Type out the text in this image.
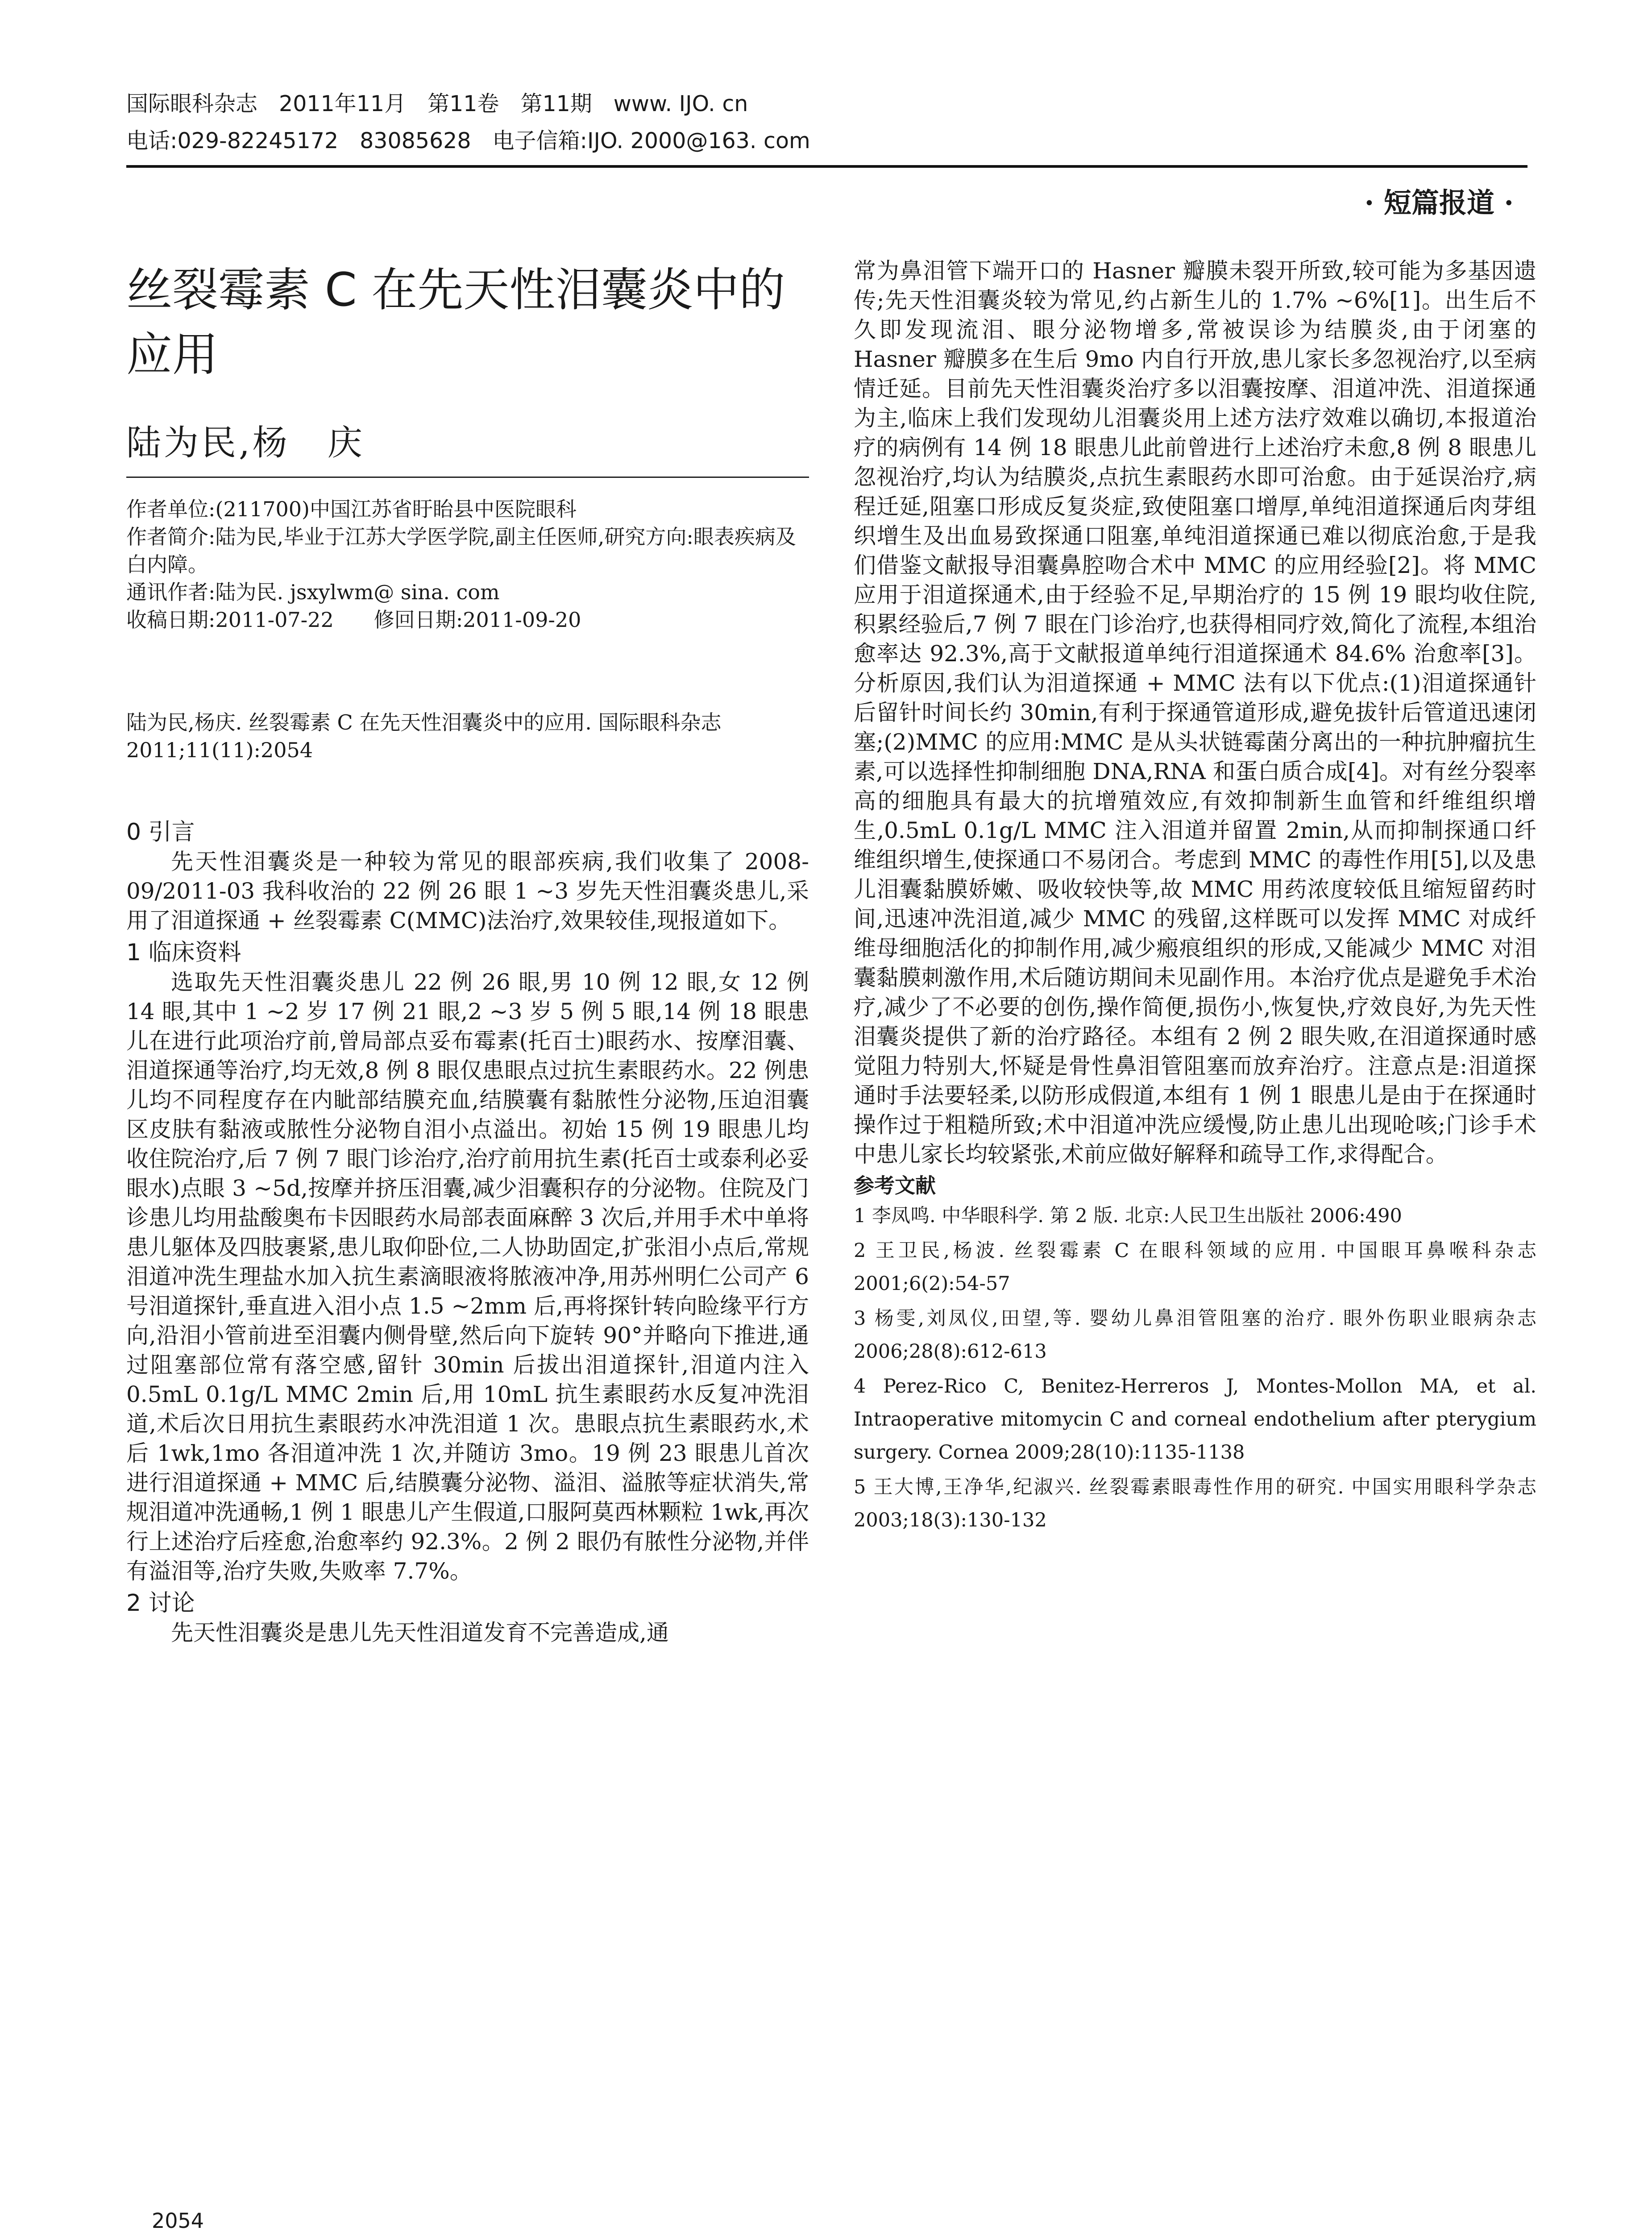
国际眼科杂志 2011年11月 第11卷 第11期 www. IJO. cn
电话:029-82245172 83085628 电子信箱:IJO. 2000@163. com
· 短篇报道 ·
丝裂霉素 C 在先天性泪囊炎中的应用
陆为民,杨　庆
作者单位:(211700)中国江苏省盱眙县中医院眼科
作者简介:陆为民,毕业于江苏大学医学院,副主任医师,研究方向:眼表疾病及白内障。
通讯作者:陆为民. jsxylwm@ sina. com
收稿日期:2011-07-22 修回日期:2011-09-20
陆为民,杨庆. 丝裂霉素 C 在先天性泪囊炎中的应用. 国际眼科杂志 2011;11(11):2054
0 引言

先天性泪囊炎是一种较为常见的眼部疾病,我们收集了 2008-09/2011-03 我科收治的 22 例 26 眼 1 ~3 岁先天性泪囊炎患儿,采用了泪道探通 + 丝裂霉素 C(MMC)法治疗,效果较佳,现报道如下。

1 临床资料

选取先天性泪囊炎患儿 22 例 26 眼,男 10 例 12 眼,女 12 例 14 眼,其中 1 ~2 岁 17 例 21 眼,2 ~3 岁 5 例 5 眼,14 例 18 眼患儿在进行此项治疗前,曾局部点妥布霉素(托百士)眼药水、按摩泪囊、泪道探通等治疗,均无效,8 例 8 眼仅患眼点过抗生素眼药水。22 例患儿均不同程度存在内眦部结膜充血,结膜囊有黏脓性分泌物,压迫泪囊区皮肤有黏液或脓性分泌物自泪小点溢出。初始 15 例 19 眼患儿均收住院治疗,后 7 例 7 眼门诊治疗,治疗前用抗生素(托百士或泰利必妥眼水)点眼 3 ~5d,按摩并挤压泪囊,减少泪囊积存的分泌物。住院及门诊患儿均用盐酸奥布卡因眼药水局部表面麻醉 3 次后,并用手术中单将患儿躯体及四肢裹紧,患儿取仰卧位,二人协助固定,扩张泪小点后,常规泪道冲洗生理盐水加入抗生素滴眼液将脓液冲净,用苏州明仁公司产 6 号泪道探针,垂直进入泪小点 1.5 ~2mm 后,再将探针转向睑缘平行方向,沿泪小管前进至泪囊内侧骨壁,然后向下旋转 90°并略向下推进,通过阻塞部位常有落空感,留针 30min 后拔出泪道探针,泪道内注入 0.5mL 0.1g/L MMC 2min 后,用 10mL 抗生素眼药水反复冲洗泪道,术后次日用抗生素眼药水冲洗泪道 1 次。患眼点抗生素眼药水,术后 1wk,1mo 各泪道冲洗 1 次,并随访 3mo。19 例 23 眼患儿首次进行泪道探通 + MMC 后,结膜囊分泌物、溢泪、溢脓等症状消失,常规泪道冲洗通畅,1 例 1 眼患儿产生假道,口服阿莫西林颗粒 1wk,再次行上述治疗后痊愈,治愈率约 92.3%。2 例 2 眼仍有脓性分泌物,并伴有溢泪等,治疗失败,失败率 7.7%。

2 讨论

先天性泪囊炎是患儿先天性泪道发育不完善造成,通

常为鼻泪管下端开口的 Hasner 瓣膜未裂开所致,较可能为多基因遗传;先天性泪囊炎较为常见,约占新生儿的 1.7% ~6%[1]。出生后不久即发现流泪、眼分泌物增多,常被误诊为结膜炎,由于闭塞的 Hasner 瓣膜多在生后 9mo 内自行开放,患儿家长多忽视治疗,以至病情迁延。目前先天性泪囊炎治疗多以泪囊按摩、泪道冲洗、泪道探通为主,临床上我们发现幼儿泪囊炎用上述方法疗效难以确切,本报道治疗的病例有 14 例 18 眼患儿此前曾进行上述治疗未愈,8 例 8 眼患儿忽视治疗,均认为结膜炎,点抗生素眼药水即可治愈。由于延误治疗,病程迁延,阻塞口形成反复炎症,致使阻塞口增厚,单纯泪道探通后肉芽组织增生及出血易致探通口阻塞,单纯泪道探通已难以彻底治愈,于是我们借鉴文献报导泪囊鼻腔吻合术中 MMC 的应用经验[2]。将 MMC 应用于泪道探通术,由于经验不足,早期治疗的 15 例 19 眼均收住院,积累经验后,7 例 7 眼在门诊治疗,也获得相同疗效,简化了流程,本组治愈率达 92.3%,高于文献报道单纯行泪道探通术 84.6% 治愈率[3]。分析原因,我们认为泪道探通 + MMC 法有以下优点:(1)泪道探通针后留针时间长约 30min,有利于探通管道形成,避免拔针后管道迅速闭塞;(2)MMC 的应用:MMC 是从头状链霉菌分离出的一种抗肿瘤抗生素,可以选择性抑制细胞 DNA,RNA 和蛋白质合成[4]。对有丝分裂率高的细胞具有最大的抗增殖效应,有效抑制新生血管和纤维组织增生,0.5mL 0.1g/L MMC 注入泪道并留置 2min,从而抑制探通口纤维组织增生,使探通口不易闭合。考虑到 MMC 的毒性作用[5],以及患儿泪囊黏膜娇嫩、吸收较快等,故 MMC 用药浓度较低且缩短留药时间,迅速冲洗泪道,减少 MMC 的残留,这样既可以发挥 MMC 对成纤维母细胞活化的抑制作用,减少瘢痕组织的形成,又能减少 MMC 对泪囊黏膜刺激作用,术后随访期间未见副作用。本治疗优点是避免手术治疗,减少了不必要的创伤,操作简便,损伤小,恢复快,疗效良好,为先天性泪囊炎提供了新的治疗路径。本组有 2 例 2 眼失败,在泪道探通时感觉阻力特别大,怀疑是骨性鼻泪管阻塞而放弃治疗。注意点是:泪道探通时手法要轻柔,以防形成假道,本组有 1 例 1 眼患儿是由于在探通时操作过于粗糙所致;术中泪道冲洗应缓慢,防止患儿出现呛咳;门诊手术中患儿家长均较紧张,术前应做好解释和疏导工作,求得配合。

参考文献

1 李凤鸣. 中华眼科学. 第 2 版. 北京:人民卫生出版社 2006:490

2 王卫民,杨波. 丝裂霉素 C 在眼科领域的应用. 中国眼耳鼻喉科杂志 2001;6(2):54-57

3 杨雯,刘凤仪,田望,等. 婴幼儿鼻泪管阻塞的治疗. 眼外伤职业眼病杂志 2006;28(8):612-613

4 Perez-Rico C, Benitez-Herreros J, Montes-Mollon MA, et al. Intraoperative mitomycin C and corneal endothelium after pterygium surgery. Cornea 2009;28(10):1135-1138

5 王大博,王净华,纪淑兴. 丝裂霉素眼毒性作用的研究. 中国实用眼科学杂志 2003;18(3):130-132

2054
